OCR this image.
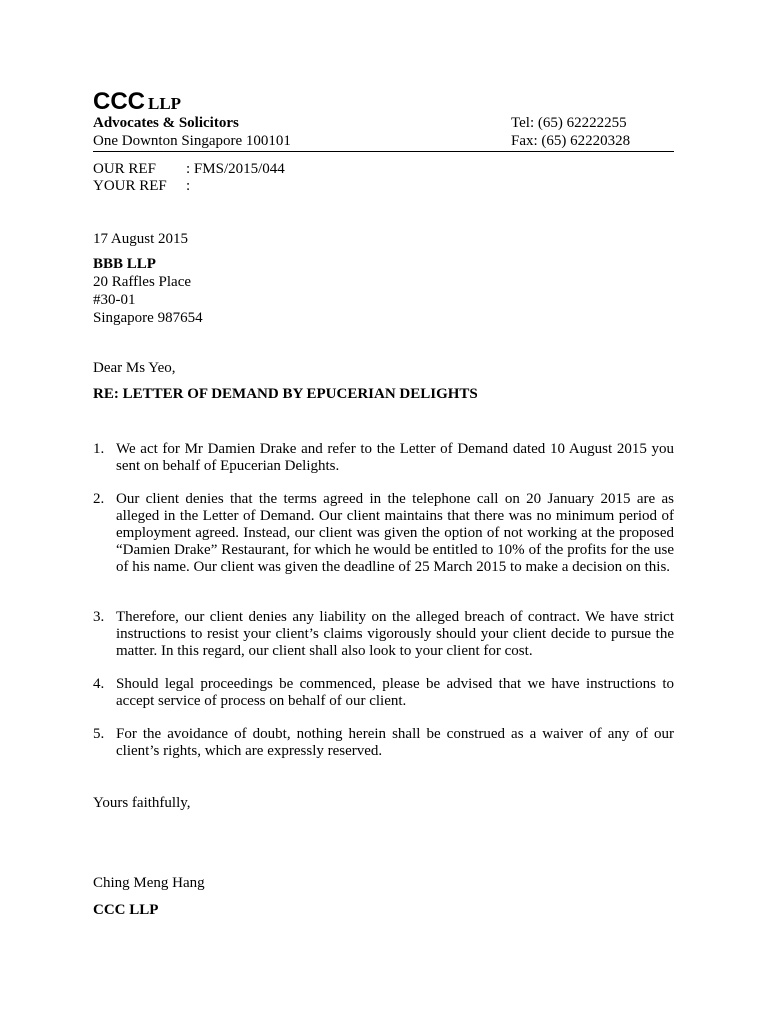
CCC LLP
Advocates & Solicitors
One Downton Singapore 100101
Tel: (65) 62222255
Fax: (65) 62220328
OUR REF : FMS/2015/044
YOUR REF :
17 August 2015
BBB LLP
20 Raffles Place
#30-01
Singapore 987654
Dear Ms Yeo,
RE: LETTER OF DEMAND BY EPUCERIAN DELIGHTS
1. We act for Mr Damien Drake and refer to the Letter of Demand dated 10 August 2015 you sent on behalf of Epucerian Delights.
2. Our client denies that the terms agreed in the telephone call on 20 January 2015 are as alleged in the Letter of Demand. Our client maintains that there was no minimum period of employment agreed. Instead, our client was given the option of not working at the proposed “Damien Drake” Restaurant, for which he would be entitled to 10% of the profits for the use of his name. Our client was given the deadline of 25 March 2015 to make a decision on this.
3. Therefore, our client denies any liability on the alleged breach of contract. We have strict instructions to resist your client’s claims vigorously should your client decide to pursue the matter. In this regard, our client shall also look to your client for cost.
4. Should legal proceedings be commenced, please be advised that we have instructions to accept service of process on behalf of our client.
5. For the avoidance of doubt, nothing herein shall be construed as a waiver of any of our client’s rights, which are expressly reserved.
Yours faithfully,
Ching Meng Hang
CCC LLP
